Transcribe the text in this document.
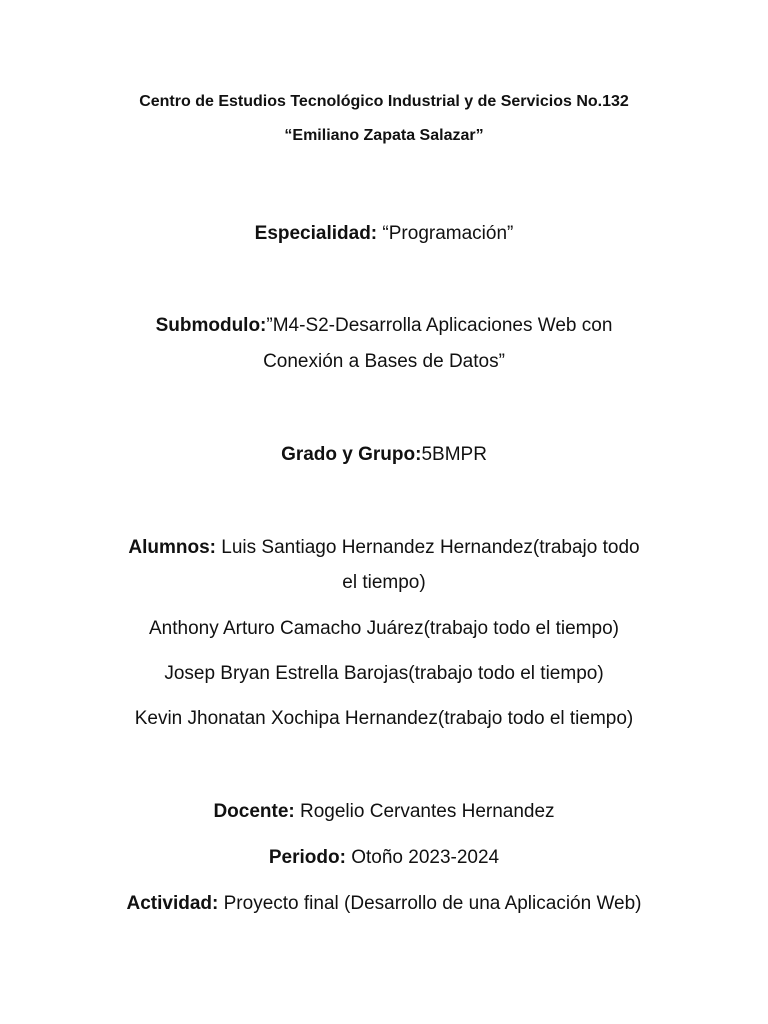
Centro de Estudios Tecnológico Industrial y de Servicios No.132
“Emiliano Zapata Salazar”
Especialidad: “Programación”
Submodulo:”M4-S2-Desarrolla Aplicaciones Web con
Conexión a Bases de Datos”
Grado y Grupo:5BMPR
Alumnos: Luis Santiago Hernandez Hernandez(trabajo todo
el tiempo)
Anthony Arturo Camacho Juárez(trabajo todo el tiempo)
Josep Bryan Estrella Barojas(trabajo todo el tiempo)
Kevin Jhonatan Xochipa Hernandez(trabajo todo el tiempo)
Docente: Rogelio Cervantes Hernandez
Periodo: Otoño 2023-2024
Actividad: Proyecto final (Desarrollo de una Aplicación Web)
